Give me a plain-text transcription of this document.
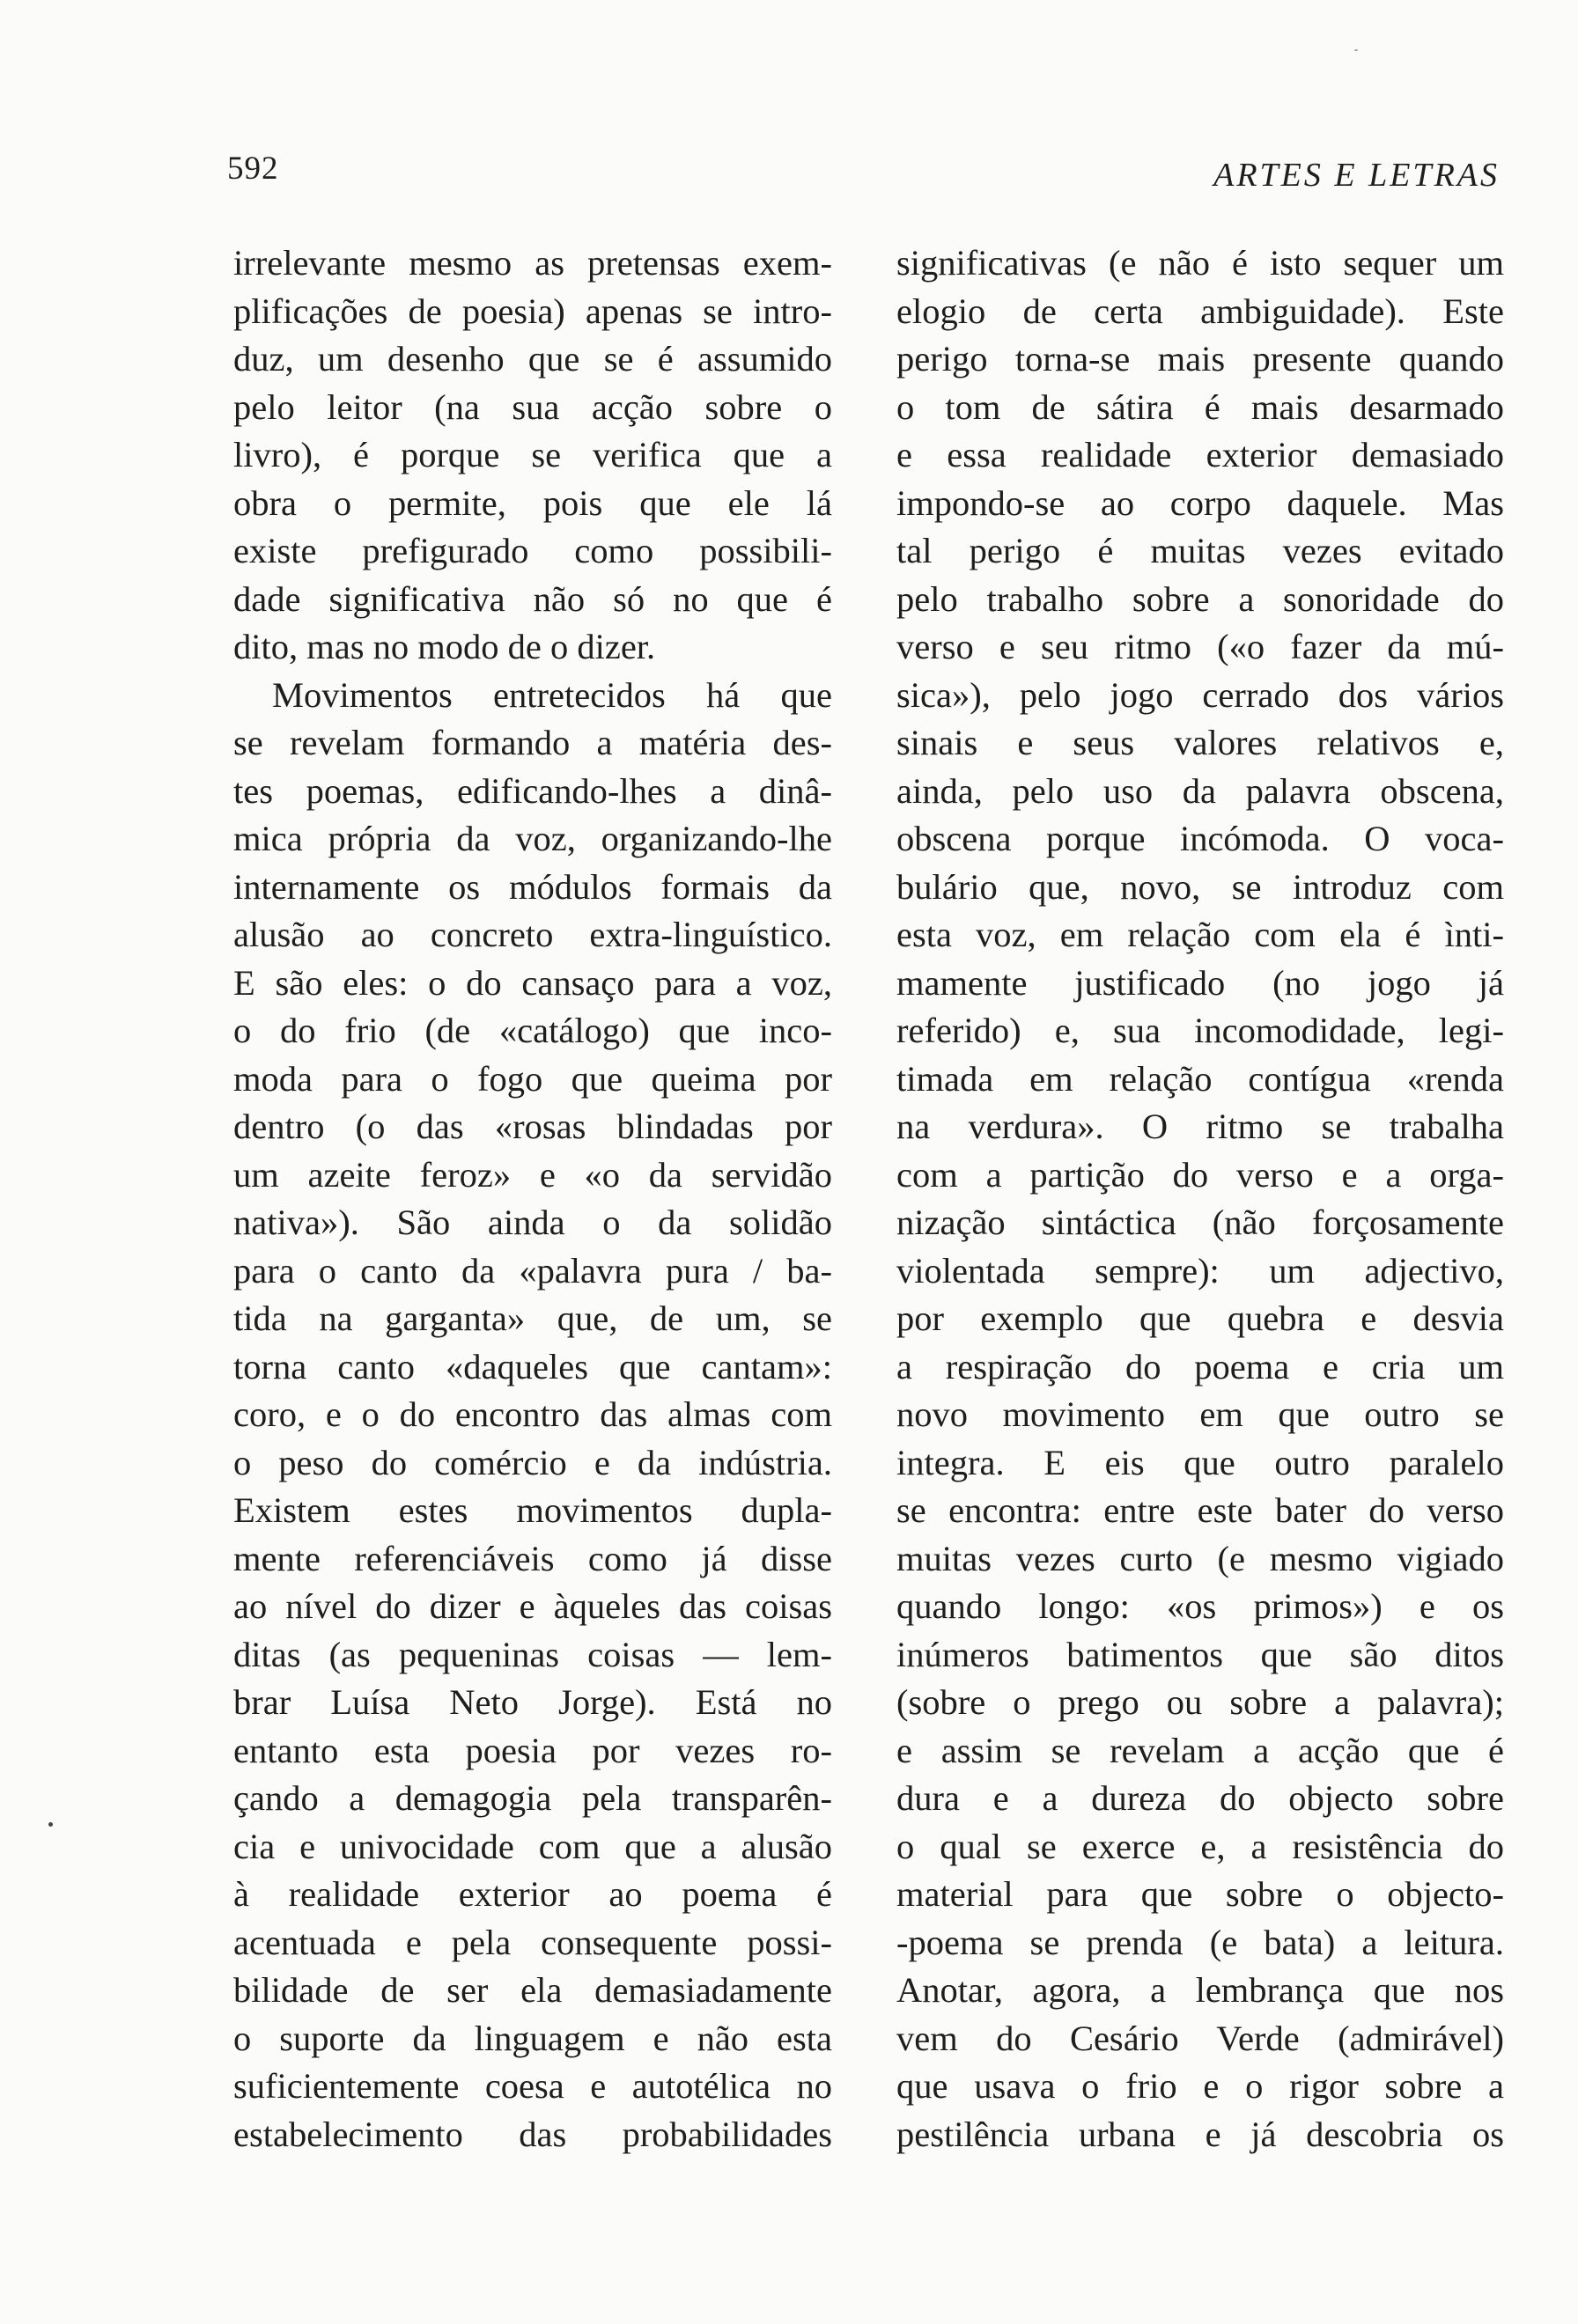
592	ARTES E LETRAS
irrelevante mesmo as pretensas exem-
plificações de poesia) apenas se intro-
duz, um desenho que se é assumido
pelo leitor (na sua acção sobre o
livro), é porque se verifica que a
obra o permite, pois que ele lá
existe prefigurado como possibili-
dade significativa não só no que é
dito, mas no modo de o dizer.
Movimentos entretecidos há que
se revelam formando a matéria des-
tes poemas, edificando-lhes a dinâ-
mica própria da voz, organizando-lhe
internamente os módulos formais da
alusão ao concreto extra-linguístico.
E são eles: o do cansaço para a voz,
o do frio (de «catálogo) que inco-
moda para o fogo que queima por
dentro (o das «rosas blindadas por
um azeite feroz» e «o da servidão
nativa»). São ainda o da solidão
para o canto da «palavra pura / ba-
tida na garganta» que, de um, se
torna canto «daqueles que cantam»:
coro, e o do encontro das almas com
o peso do comércio e da indústria.
Existem estes movimentos dupla-
mente referenciáveis como já disse
ao nível do dizer e àqueles das coisas
ditas (as pequeninas coisas — lem-
brar Luísa Neto Jorge). Está no
entanto esta poesia por vezes ro-
çando a demagogia pela transparên-
cia e univocidade com que a alusão
à realidade exterior ao poema é
acentuada e pela consequente possi-
bilidade de ser ela demasiadamente
o suporte da linguagem e não esta
suficientemente coesa e autotélica no
estabelecimento das probabilidades
significativas (e não é isto sequer um
elogio de certa ambiguidade). Este
perigo torna-se mais presente quando
o tom de sátira é mais desarmado
e essa realidade exterior demasiado
impondo-se ao corpo daquele. Mas
tal perigo é muitas vezes evitado
pelo trabalho sobre a sonoridade do
verso e seu ritmo («o fazer da mú-
sica»), pelo jogo cerrado dos vários
sinais e seus valores relativos e,
ainda, pelo uso da palavra obscena,
obscena porque incómoda. O voca-
bulário que, novo, se introduz com
esta voz, em relação com ela é ìnti-
mamente justificado (no jogo já
referido) e, sua incomodidade, legi-
timada em relação contígua «renda
na verdura». O ritmo se trabalha
com a partição do verso e a orga-
nização sintáctica (não forçosamente
violentada sempre): um adjectivo,
por exemplo que quebra e desvia
a respiração do poema e cria um
novo movimento em que outro se
integra. E eis que outro paralelo
se encontra: entre este bater do verso
muitas vezes curto (e mesmo vigiado
quando longo: «os primos») e os
inúmeros batimentos que são ditos
(sobre o prego ou sobre a palavra);
e assim se revelam a acção que é
dura e a dureza do objecto sobre
o qual se exerce e, a resistência do
material para que sobre o objecto-
-poema se prenda (e bata) a leitura.
Anotar, agora, a lembrança que nos
vem do Cesário Verde (admirável)
que usava o frio e o rigor sobre a
pestilência urbana e já descobria os
